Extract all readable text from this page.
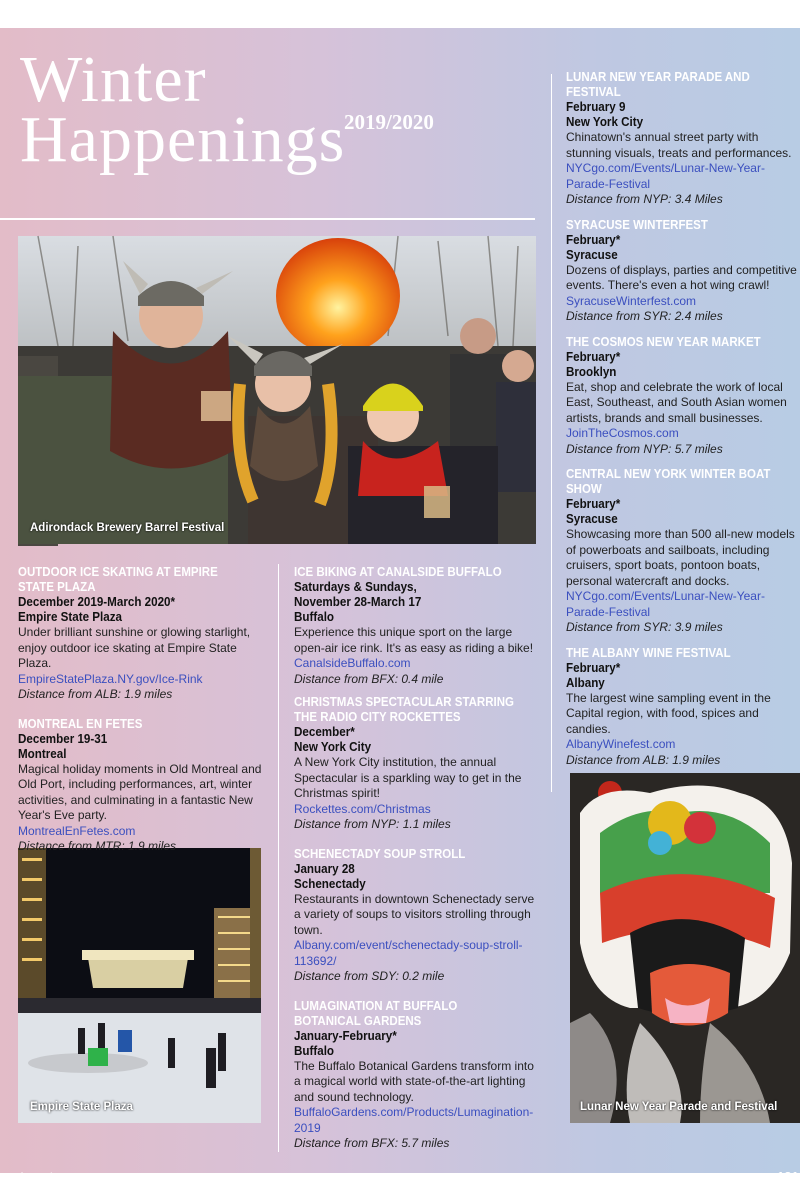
Winter
Happenings
2019/2020
Adirondack Brewery Barrel Festival
Empire State Plaza	Lunar New Year Parade and Festival
OUTDOOR ICE SKATING AT EMPIRE STATE PLAZA
December 2019-March 2020*
Empire State Plaza
Under brilliant sunshine or glowing starlight, enjoy outdoor ice skating at Empire State Plaza.
EmpireStatePlaza.NY.gov/Ice-Rink
Distance from ALB: 1.9 miles
MONTREAL EN FETES
December 19-31
Montreal
Magical holiday moments in Old Montreal and Old Port, including performances, art, winter activities, and culminating in a fantastic New Year's Eve party.
MontrealEnFetes.com
Distance from MTR: 1.9 miles
ICE BIKING AT CANALSIDE BUFFALO
Saturdays & Sundays,
November 28-March 17
Buffalo
Experience this unique sport on the large open-air ice rink. It's as easy as riding a bike!
CanalsideBuffalo.com
Distance from BFX: 0.4 mile
CHRISTMAS SPECTACULAR STARRING
THE RADIO CITY ROCKETTES
December*
New York City
A New York City institution, the annual Spectacular is a sparkling way to get in the Christmas spirit!
Rockettes.com/Christmas
Distance from NYP: 1.1 miles
SCHENECTADY SOUP STROLL
January 28
Schenectady
Restaurants in downtown Schenectady serve a variety of soups to visitors strolling through town.
Albany.com/event/schenectady-soup-stroll-113692/
Distance from SDY: 0.2 mile
LUMAGINATION AT BUFFALO BOTANICAL GARDENS
January-February*
Buffalo
The Buffalo Botanical Gardens transform into a magical world with state-of-the-art lighting and sound technology.
BuffaloGardens.com/Products/Lumagination- 2019
Distance from BFX: 5.7 miles
LUNAR NEW YEAR PARADE AND FESTIVAL
February 9
New York City
Chinatown's annual street party with stunning visuals, treats and performances.
NYCgo.com/Events/Lunar-New-Year-Parade-Festival
Distance from NYP: 3.4 Miles
SYRACUSE WINTERFEST
February*
Syracuse
Dozens of displays, parties and competitive events. There's even a hot wing crawl!
SyracuseWinterfest.com
Distance from SYR: 2.4 miles
THE COSMOS NEW YEAR MARKET
February*
Brooklyn
Eat, shop and celebrate the work of local East, Southeast, and South Asian women artists, brands and small businesses.
JoinTheCosmos.com
Distance from NYP: 5.7 miles
CENTRAL NEW YORK WINTER BOAT SHOW
February*
Syracuse
Showcasing more than 500 all-new models of powerboats and sailboats, including cruisers, sport boats, pontoon boats, personal watercraft and docks.
NYCgo.com/Events/Lunar-New-Year-Parade-Festival
Distance from SYR: 3.9 miles
THE ALBANY WINE FESTIVAL
February*
Albany
The largest wine sampling event in the Capital region, with food, spices and candies.
AlbanyWinefest.com
Distance from ALB: 1.9 miles
Amtrak.com	NEWYORKBYRAIL.COM 121
